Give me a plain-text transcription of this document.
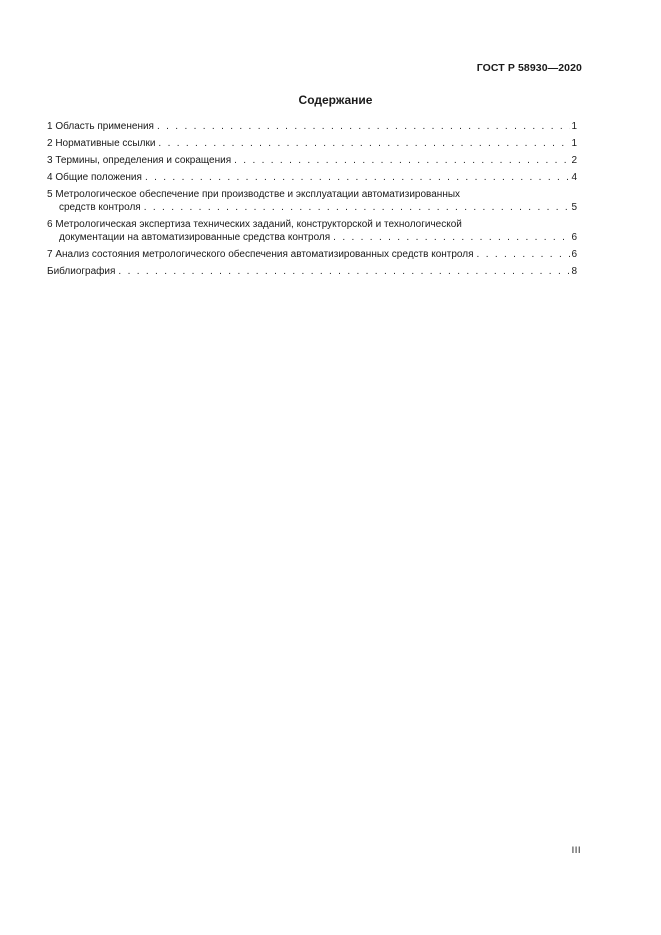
ГОСТ Р 58930—2020
Содержание
1 Область применения . . .	1
2 Нормативные ссылки . . .	1
3 Термины, определения и сокращения . . .	2
4 Общие положения . . .	4
5 Метрологическое обеспечение при производстве и эксплуатации автоматизированных
средств контроля . . .	5
6 Метрологическая экспертиза технических заданий, конструкторской и технологической
документации на автоматизированные средства контроля . . .	6
7 Анализ состояния метрологического обеспечения автоматизированных средств контроля . . .	6
Библиография . . .	8
III
